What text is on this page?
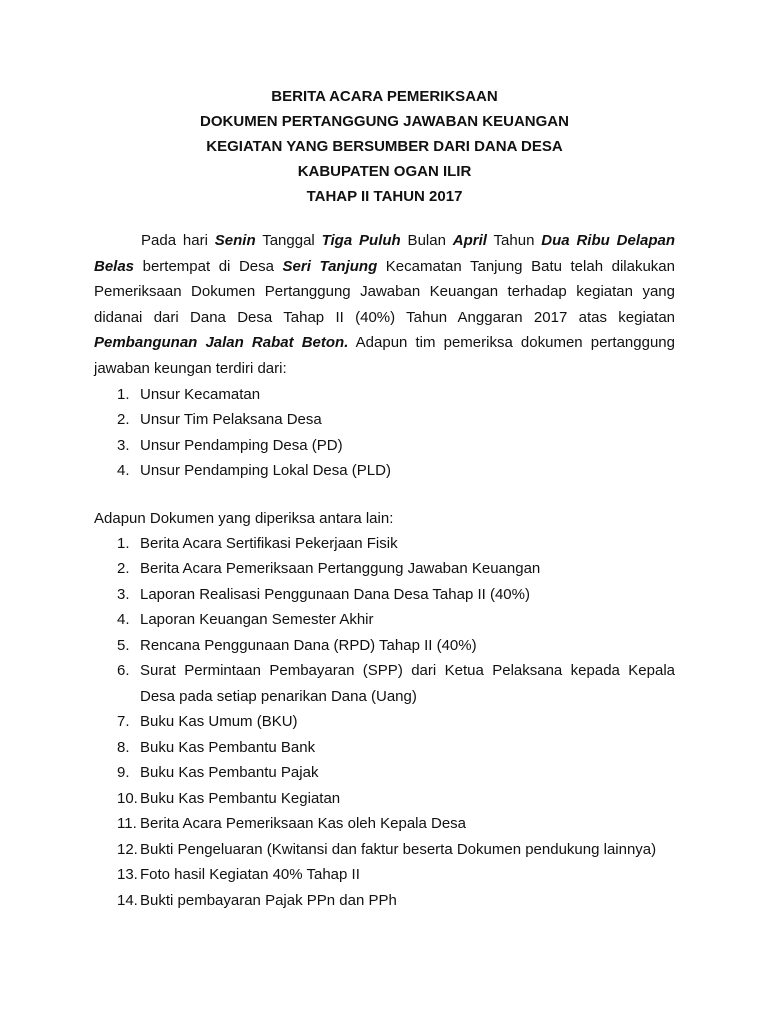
BERITA ACARA PEMERIKSAAN
DOKUMEN PERTANGGUNG JAWABAN KEUANGAN
KEGIATAN YANG BERSUMBER DARI DANA DESA
KABUPATEN OGAN ILIR
TAHAP II TAHUN 2017
Pada hari Senin Tanggal Tiga Puluh Bulan April Tahun Dua Ribu Delapan Belas bertempat di Desa Seri Tanjung Kecamatan Tanjung Batu telah dilakukan Pemeriksaan Dokumen Pertanggung Jawaban Keuangan terhadap kegiatan yang didanai dari Dana Desa Tahap II (40%) Tahun Anggaran 2017 atas kegiatan Pembangunan Jalan Rabat Beton. Adapun tim pemeriksa dokumen pertanggung jawaban keungan terdiri dari:
1. Unsur Kecamatan
2. Unsur Tim Pelaksana Desa
3. Unsur Pendamping Desa (PD)
4. Unsur Pendamping Lokal Desa (PLD)
Adapun Dokumen yang diperiksa antara lain:
1. Berita Acara Sertifikasi Pekerjaan Fisik
2. Berita Acara Pemeriksaan Pertanggung Jawaban Keuangan
3. Laporan Realisasi Penggunaan Dana Desa Tahap II (40%)
4. Laporan Keuangan Semester Akhir
5. Rencana Penggunaan Dana (RPD) Tahap II (40%)
6. Surat Permintaan Pembayaran (SPP) dari Ketua Pelaksana kepada Kepala Desa pada setiap penarikan Dana (Uang)
7. Buku Kas Umum (BKU)
8. Buku Kas Pembantu Bank
9. Buku Kas Pembantu Pajak
10. Buku Kas Pembantu Kegiatan
11. Berita Acara Pemeriksaan Kas oleh Kepala Desa
12. Bukti Pengeluaran (Kwitansi dan faktur beserta Dokumen pendukung lainnya)
13. Foto hasil Kegiatan 40% Tahap II
14. Bukti pembayaran Pajak PPn dan PPh
